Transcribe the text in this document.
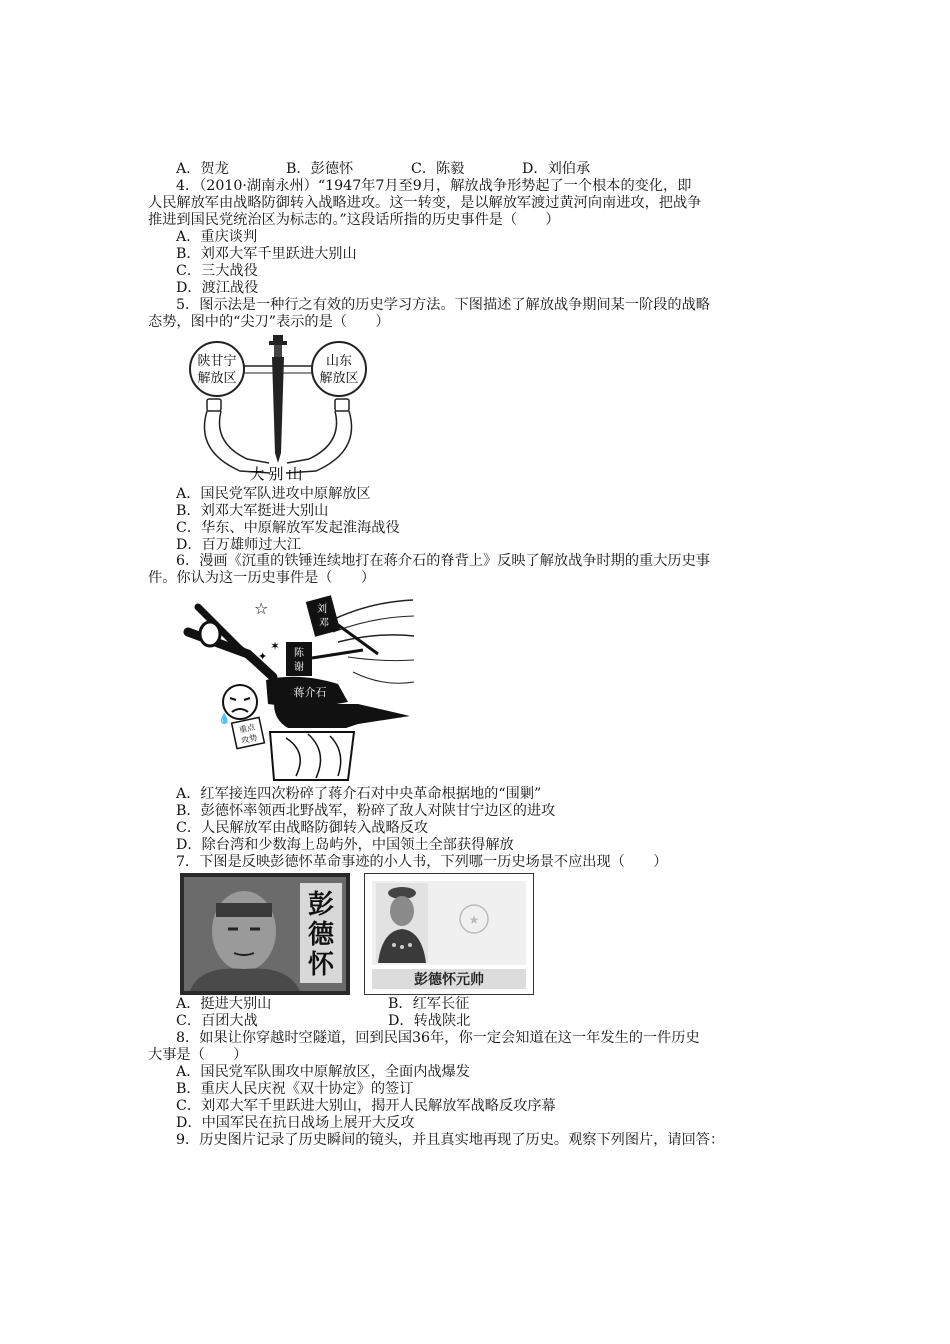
A．贺龙	B．彭德怀	C．陈毅	D．刘伯承
4．（2010·湖南永州）“1947年7月至9月，解放战争形势起了一个根本的变化，即
人民解放军由战略防御转入战略进攻。这一转变，是以解放军渡过黄河向南进攻，把战争
推进到国民党统治区为标志的。”这段话所指的历史事件是（　　）
A．重庆谈判
B．刘邓大军千里跃进大别山
C．三大战役
D．渡江战役
5．图示法是一种行之有效的历史学习方法。下图描述了解放战争期间某一阶段的战略
态势，图中的“尖刀”表示的是（　　）
陕甘宁
解放区
山东
解放区
大别山
A．国民党军队进攻中原解放区
B．刘邓大军挺进大别山
C．华东、中原解放军发起淮海战役
D．百万雄师过大江
6．漫画《沉重的铁锤连续地打在蒋介石的脊背上》反映了解放战争时期的重大历史事
件。你认为这一历史事件是（　　）
☆
✶
✦
刘
邓
陈
谢
蒋介石
💧
重点
攻势
A．红军接连四次粉碎了蒋介石对中央革命根据地的“围剿”
B．彭德怀率领西北野战军，粉碎了敌人对陕甘宁边区的进攻
C．人民解放军由战略防御转入战略反攻
D．除台湾和少数海上岛屿外，中国领土全部获得解放
7．下图是反映彭德怀革命事迹的小人书，下列哪一历史场景不应出现（　　）
彭
德
怀
★
彭德怀元帅
A．挺进大别山	B．红军长征
C．百团大战	D．转战陕北
8．如果让你穿越时空隧道，回到民国36年，你一定会知道在这一年发生的一件历史
大事是（　　）
A．国民党军队围攻中原解放区，全面内战爆发
B．重庆人民庆祝《双十协定》的签订
C．刘邓大军千里跃进大别山，揭开人民解放军战略反攻序幕
D．中国军民在抗日战场上展开大反攻
9．历史图片记录了历史瞬间的镜头，并且真实地再现了历史。观察下列图片，请回答：
